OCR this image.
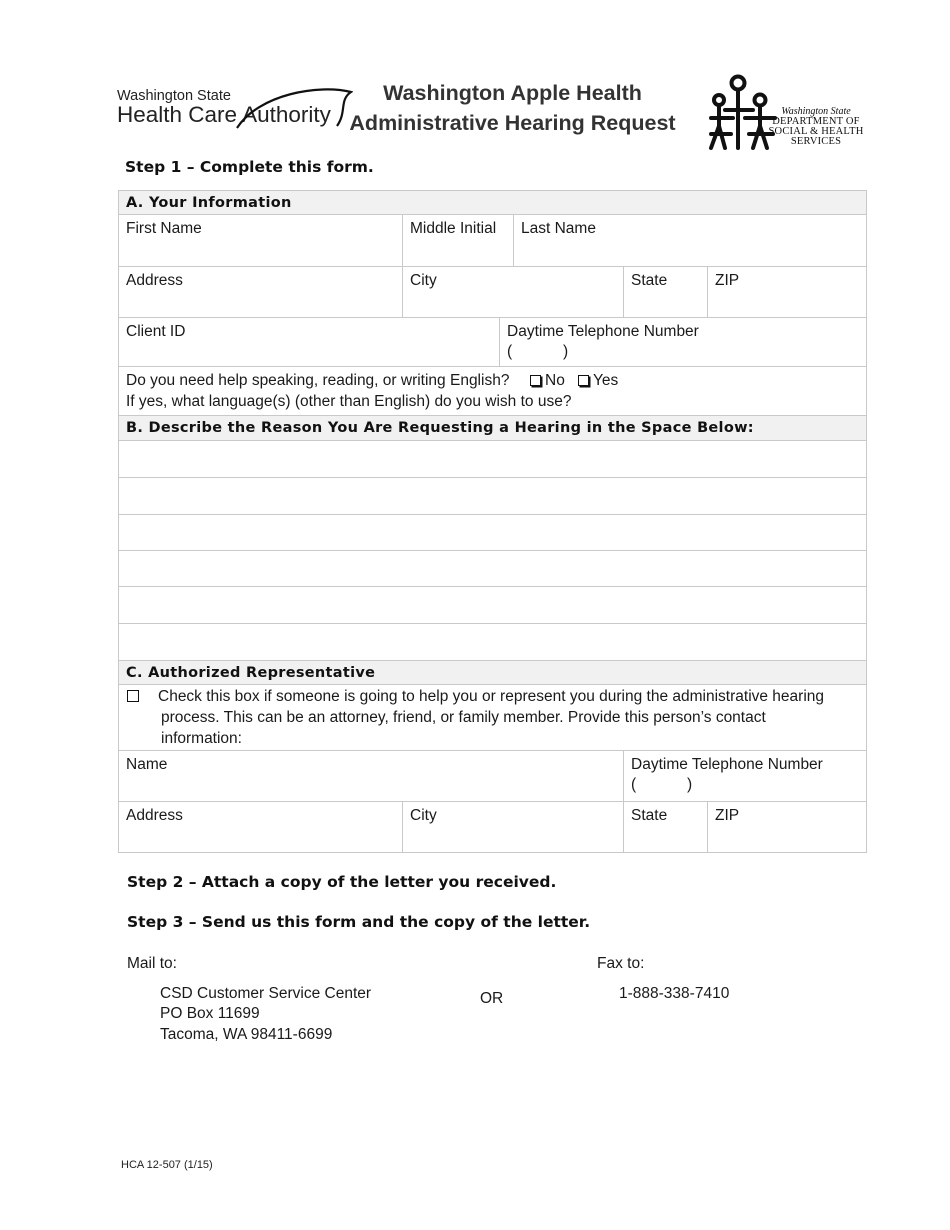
Washington State
Health Care Authority
Washington Apple Health
Administrative Hearing Request	Washington State
DEPARTMENT OF
SOCIAL & HEALTH
SERVICES
Step 1 – Complete this form.
A. Your Information
First Name	Middle Initial	Last Name
Address	City	State	ZIP
Client ID	Daytime Telephone Number
(	)
Do you need help speaking, reading, or writing English?	No	Yes
If yes, what language(s) (other than English) do you wish to use?
B. Describe the Reason You Are Requesting a Hearing in the Space Below:
C. Authorized Representative
Check this box if someone is going to help you or represent you during the administrative hearing
process. This can be an attorney, friend, or family member. Provide this person’s contact
information:
Name	Daytime Telephone Number
(	)
Address	City	State	ZIP
Step 2 – Attach a copy of the letter you received.
Step 3 – Send us this form and the copy of the letter.
Mail to:
CSD Customer Service Center
PO Box 11699
Tacoma, WA 98411-6699
OR
Fax to:
1-888-338-7410
HCA 12-507 (1/15)
